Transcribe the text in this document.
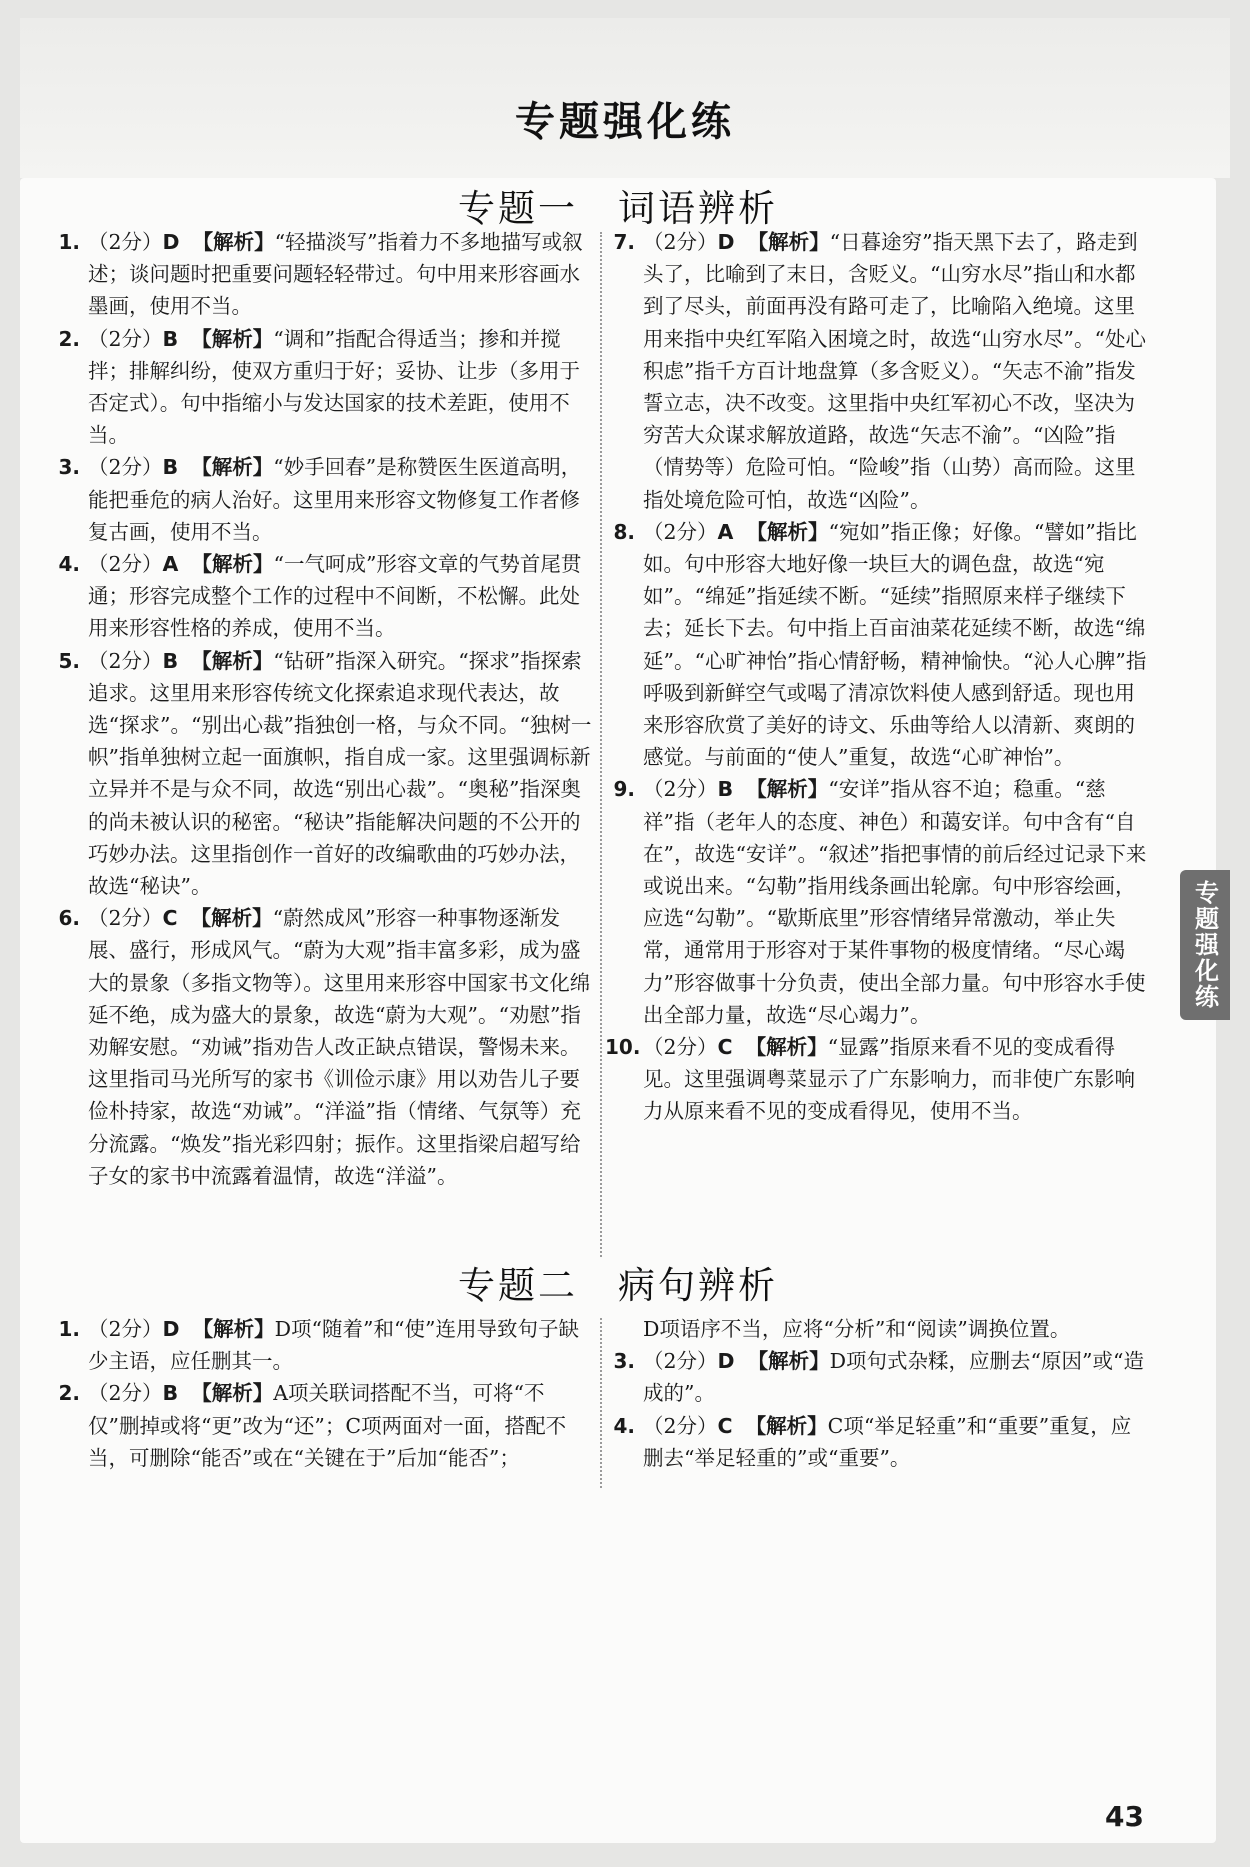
专题强化练
专题一 词语辨析

1. （2分）D 【解析】“轻描淡写”指着力不多地描写或叙述；谈问题时把重要问题轻轻带过。句中用来形容画水墨画，使用不当。

2. （2分）B 【解析】“调和”指配合得适当；掺和并搅拌；排解纠纷，使双方重归于好；妥协、让步（多用于否定式）。句中指缩小与发达国家的技术差距，使用不当。

3. （2分）B 【解析】“妙手回春”是称赞医生医道高明，能把垂危的病人治好。这里用来形容文物修复工作者修复古画，使用不当。

4. （2分）A 【解析】“一气呵成”形容文章的气势首尾贯通；形容完成整个工作的过程中不间断，不松懈。此处用来形容性格的养成，使用不当。

5. （2分）B 【解析】“钻研”指深入研究。“探求”指探索追求。这里用来形容传统文化探索追求现代表达，故选“探求”。“别出心裁”指独创一格，与众不同。“独树一帜”指单独树立起一面旗帜，指自成一家。这里强调标新立异并不是与众不同，故选“别出心裁”。“奥秘”指深奥的尚未被认识的秘密。“秘诀”指能解决问题的不公开的巧妙办法。这里指创作一首好的改编歌曲的巧妙办法，故选“秘诀”。

6. （2分）C 【解析】“蔚然成风”形容一种事物逐渐发展、盛行，形成风气。“蔚为大观”指丰富多彩，成为盛大的景象（多指文物等）。这里用来形容中国家书文化绵延不绝，成为盛大的景象，故选“蔚为大观”。“劝慰”指劝解安慰。“劝诫”指劝告人改正缺点错误，警惕未来。这里指司马光所写的家书《训俭示康》用以劝告儿子要俭朴持家，故选“劝诫”。“洋溢”指（情绪、气氛等）充分流露。“焕发”指光彩四射；振作。这里指梁启超写给子女的家书中流露着温情，故选“洋溢”。

7. （2分）D 【解析】“日暮途穷”指天黑下去了，路走到头了，比喻到了末日，含贬义。“山穷水尽”指山和水都到了尽头，前面再没有路可走了，比喻陷入绝境。这里用来指中央红军陷入困境之时，故选“山穷水尽”。“处心积虑”指千方百计地盘算（多含贬义）。“矢志不渝”指发誓立志，决不改变。这里指中央红军初心不改，坚决为穷苦大众谋求解放道路，故选“矢志不渝”。“凶险”指（情势等）危险可怕。“险峻”指（山势）高而险。这里指处境危险可怕，故选“凶险”。

8. （2分）A 【解析】“宛如”指正像；好像。“譬如”指比如。句中形容大地好像一块巨大的调色盘，故选“宛如”。“绵延”指延续不断。“延续”指照原来样子继续下去；延长下去。句中指上百亩油菜花延续不断，故选“绵延”。“心旷神怡”指心情舒畅，精神愉快。“沁人心脾”指呼吸到新鲜空气或喝了清凉饮料使人感到舒适。现也用来形容欣赏了美好的诗文、乐曲等给人以清新、爽朗的感觉。与前面的“使人”重复，故选“心旷神怡”。

9. （2分）B 【解析】“安详”指从容不迫；稳重。“慈祥”指（老年人的态度、神色）和蔼安详。句中含有“自在”，故选“安详”。“叙述”指把事情的前后经过记录下来或说出来。“勾勒”指用线条画出轮廓。句中形容绘画，应选“勾勒”。“歇斯底里”形容情绪异常激动，举止失常，通常用于形容对于某件事物的极度情绪。“尽心竭力”形容做事十分负责，使出全部力量。句中形容水手使出全部力量，故选“尽心竭力”。

10. （2分）C 【解析】“显露”指原来看不见的变成看得见。这里强调粤菜显示了广东影响力，而非使广东影响力从原来看不见的变成看得见，使用不当。

专题二 病句辨析

1. （2分）D 【解析】D项“随着”和“使”连用导致句子缺少主语，应任删其一。

2. （2分）B 【解析】A项关联词搭配不当，可将“不仅”删掉或将“更”改为“还”；C项两面对一面，搭配不当，可删除“能否”或在“关键在于”后加“能否”；

D项语序不当，应将“分析”和“阅读”调换位置。

3. （2分）D 【解析】D项句式杂糅，应删去“原因”或“造成的”。

4. （2分）C 【解析】C项“举足轻重”和“重要”重复，应删去“举足轻重的”或“重要”。

专题强化练
43
